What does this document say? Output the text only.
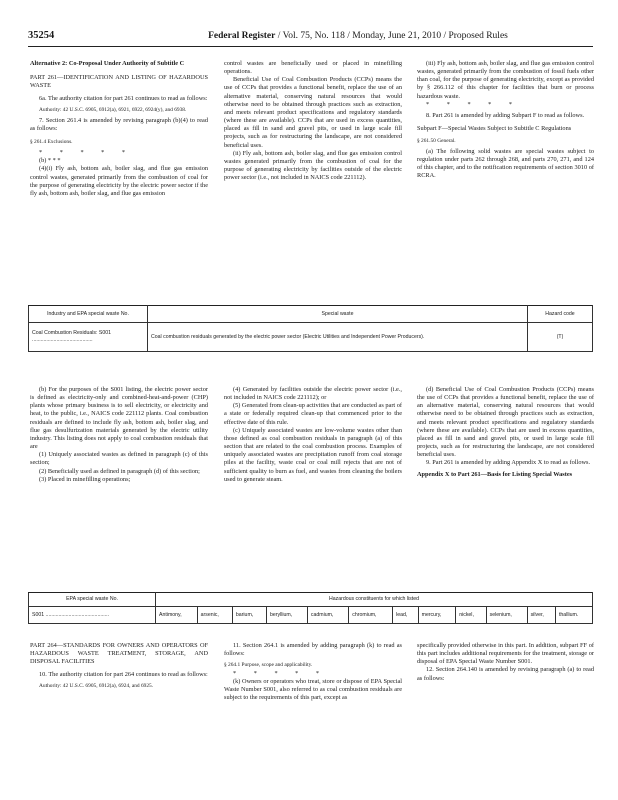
35254	Federal Register / Vol. 75, No. 118 / Monday, June 21, 2010 / Proposed Rules

Alternative 2: Co-Proposal Under Authority of Subtitle C

PART 261—IDENTIFICATION AND LISTING OF HAZARDOUS WASTE

6a. The authority citation for part 261 continues to read as follows:

Authority: 42 U.S.C. 6905, 6912(a), 6921, 6922, 6924(y), and 6938.

7. Section 261.4 is amended by revising paragraph (b)(4) to read as follows:

§ 261.4 Exclusions.

* * * * *

(b) * * *

(4)(i) Fly ash, bottom ash, boiler slag, and flue gas emission control wastes, generated primarily from the combustion of coal for the purpose of generating electricity by the electric power sector if the fly ash, bottom ash, boiler slag, and flue gas emission

control wastes are beneficially used or placed in minefilling operations.

Beneficial Use of Coal Combustion Products (CCPs) means the use of CCPs that provides a functional benefit, replace the use of an alternative material, conserving natural resources that would otherwise need to be obtained through practices such as extraction, and meets relevant product specifications and regulatory standards (where these are available). CCPs that are used in excess quantities, placed as fill in sand and gravel pits, or used in large scale fill projects, such as for restructuring the landscape, are not considered beneficial uses.

(ii) Fly ash, bottom ash, boiler slag, and flue gas emission control wastes generated primarily from the combustion of coal for the purpose of generating electricity by facilities outside of the electric power sector (i.e., not included in NAICS code 221112).

(iii) Fly ash, bottom ash, boiler slag, and flue gas emission control wastes, generated primarily from the combustion of fossil fuels other than coal, for the purpose of generating electricity, except as provided by § 266.112 of this chapter for facilities that burn or process hazardous waste.

* * * * *

8. Part 261 is amended by adding Subpart F to read as follows.

Subpart F—Special Wastes Subject to Subtitle C Regulations

§ 261.50 General.

(a) The following solid wastes are special wastes subject to regulation under parts 262 through 268, and parts 270, 271, and 124 of this chapter, and to the notification requirements of section 3010 of RCRA.

Industry and EPA special waste No.	Special waste	Hazard code
Coal Combustion Residuals: S001 ..........................................	Coal combustion residuals generated by the electric power sector (Electric Utilities and Independent Power Producers).	(T)

(b) For the purposes of the S001 listing, the electric power sector is defined as electricity-only and combined-heat-and-power (CHP) plants whose primary business is to sell electricity, or electricity and heat, to the public, i.e., NAICS code 221112 plants. Coal combustion residuals are defined to include fly ash, bottom ash, boiler slag, and flue gas desulfurization materials generated by the electric utility industry. This listing does not apply to coal combustion residuals that are

(1) Uniquely associated wastes as defined in paragraph (c) of this section;

(2) Beneficially used as defined in paragraph (d) of this section;

(3) Placed in minefilling operations;

(4) Generated by facilities outside the electric power sector (i.e., not included in NAICS code 221112); or

(5) Generated from clean-up activities that are conducted as part of a state or federally required clean-up that commenced prior to the effective date of this rule.

(c) Uniquely associated wastes are low-volume wastes other than those defined as coal combustion residuals in paragraph (a) of this section that are related to the coal combustion process. Examples of uniquely associated wastes are precipitation runoff from coal storage piles at the facility, waste coal or coal mill rejects that are not of sufficient quality to burn as fuel, and wastes from cleaning the boilers used to generate steam.

(d) Beneficial Use of Coal Combustion Products (CCPs) means the use of CCPs that provides a functional benefit, replace the use of an alternative material, conserving natural resources that would otherwise need to be obtained through practices such as extraction, and meets relevant product specifications and regulatory standards (where these are available). CCPs that are used in excess quantities, placed as fill in sand and gravel pits, or used in large scale fill projects, such as for restructuring the landscape, are not considered beneficial uses.

9. Part 261 is amended by adding Appendix X to read as follows.

Appendix X to Part 261—Basis for Listing Special Wastes

EPA special waste No.	Hazardous constituents for which listed											
S001 ............................................	Antimony,	arsenic,	barium,	beryllium,	cadmium,	chromium,	lead,	mercury,	nickel,	selenium,	silver,	thallium.

PART 264—STANDARDS FOR OWNERS AND OPERATORS OF HAZARDOUS WASTE TREATMENT, STORAGE, AND DISPOSAL FACILITIES

10. The authority citation for part 264 continues to read as follows:

Authority: 42 U.S.C. 6905, 6912(a), 6924, and 6925.

11. Section 264.1 is amended by adding paragraph (k) to read as follows:

§ 264.1 Purpose, scope and applicability.

* * * * *

(k) Owners or operators who treat, store or dispose of EPA Special Waste Number S001, also referred to as coal combustion residuals are subject to the requirements of this part, except as

specifically provided otherwise in this part. In addition, subpart FF of this part includes additional requirements for the treatment, storage or disposal of EPA Special Waste Number S001.

12. Section 264.140 is amended by revising paragraph (a) to read as follows:
